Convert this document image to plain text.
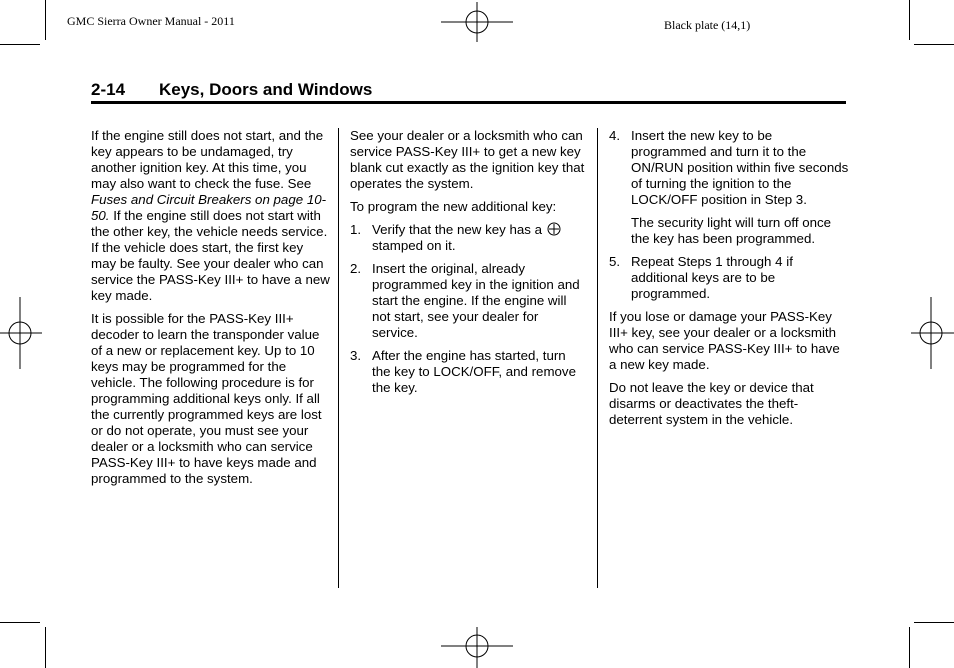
GMC Sierra Owner Manual - 2011	Black plate (14,1)
2-14 Keys, Doors and Windows

If the engine still does not start, and the key appears to be undamaged, try another ignition key. At this time, you may also want to check the fuse. See Fuses and Circuit Breakers on page 10-50. If the engine still does not start with the other key, the vehicle needs service. If the vehicle does start, the first key may be faulty. See your dealer who can service the PASS-Key III+ to have a new key made.

It is possible for the PASS-Key III+ decoder to learn the transponder value of a new or replacement key. Up to 10 keys may be programmed for the vehicle. The following procedure is for programming additional keys only. If all the currently programmed keys are lost or do not operate, you must see your dealer or a locksmith who can service PASS-Key III+ to have keys made and programmed to the system.

See your dealer or a locksmith who can service PASS-Key III+ to get a new key blank cut exactly as the ignition key that operates the system.

To program the new additional key:

1. Verify that the new key has a  stamped on it.

2. Insert the original, already programmed key in the ignition and start the engine. If the engine will not start, see your dealer for service.

3. After the engine has started, turn the key to LOCK/OFF, and remove the key.

4. Insert the new key to be programmed and turn it to the ON/RUN position within five seconds of turning the ignition to the LOCK/OFF position in Step 3.

The security light will turn off once the key has been programmed.

5. Repeat Steps 1 through 4 if additional keys are to be programmed.

If you lose or damage your PASS-Key III+ key, see your dealer or a locksmith who can service PASS-Key III+ to have a new key made.

Do not leave the key or device that disarms or deactivates the theft-deterrent system in the vehicle.
